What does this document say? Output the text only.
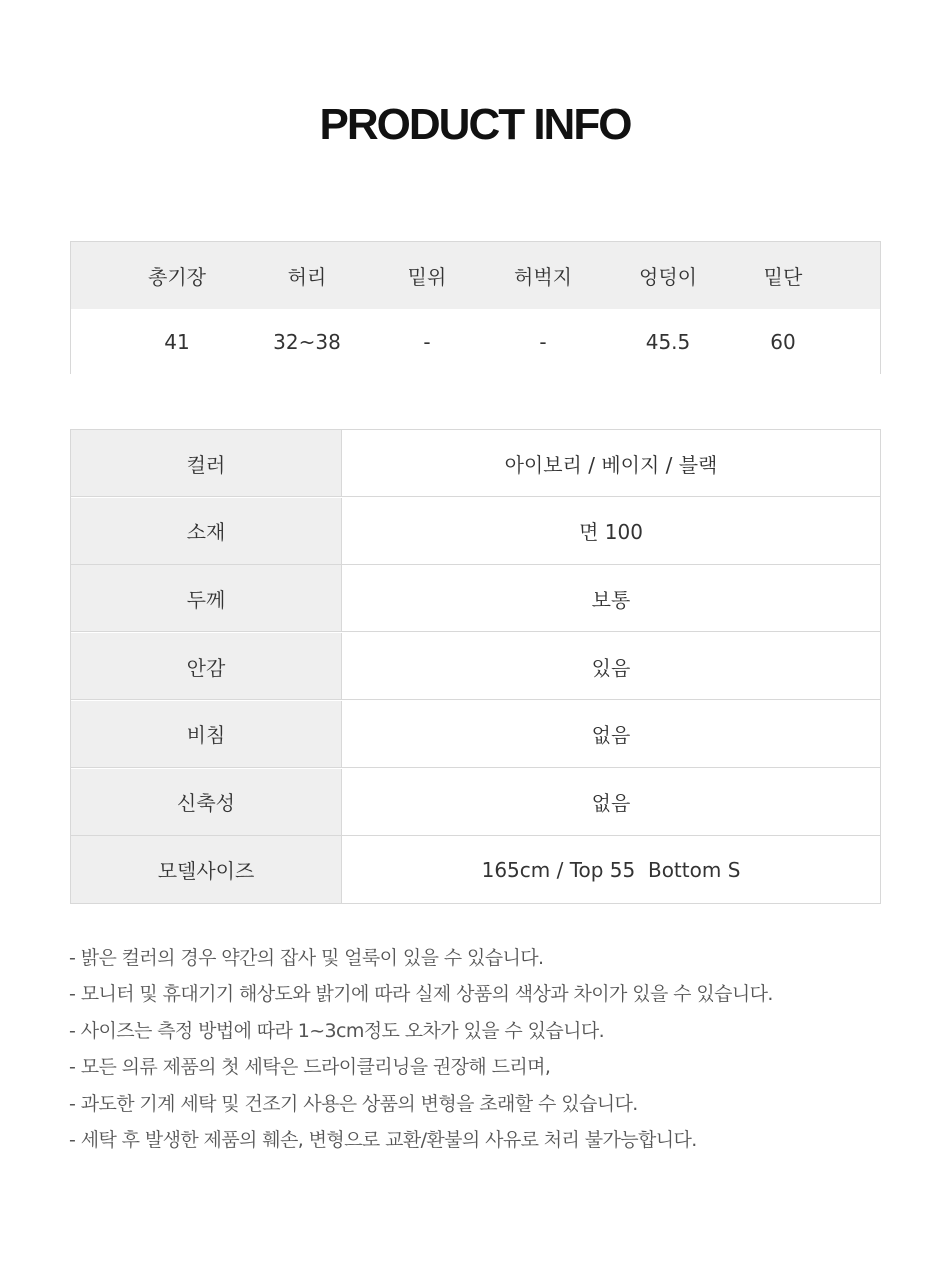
PRODUCT INFO
총기장	허리	밑위	허벅지	엉덩이	밑단
41	32~38	-	-	45.5	60
컬러	아이보리 / 베이지 / 블랙
소재	면 100
두께	보통
안감	있음
비침	없음
신축성	없음
모델사이즈	165cm / Top 55  Bottom S
- 밝은 컬러의 경우 약간의 잡사 및 얼룩이 있을 수 있습니다.
- 모니터 및 휴대기기 해상도와 밝기에 따라 실제 상품의 색상과 차이가 있을 수 있습니다.
- 사이즈는 측정 방법에 따라 1~3cm정도 오차가 있을 수 있습니다.
- 모든 의류 제품의 첫 세탁은 드라이클리닝을 권장해 드리며,
- 과도한 기계 세탁 및 건조기 사용은 상품의 변형을 초래할 수 있습니다.
- 세탁 후 발생한 제품의 훼손, 변형으로 교환/환불의 사유로 처리 불가능합니다.
